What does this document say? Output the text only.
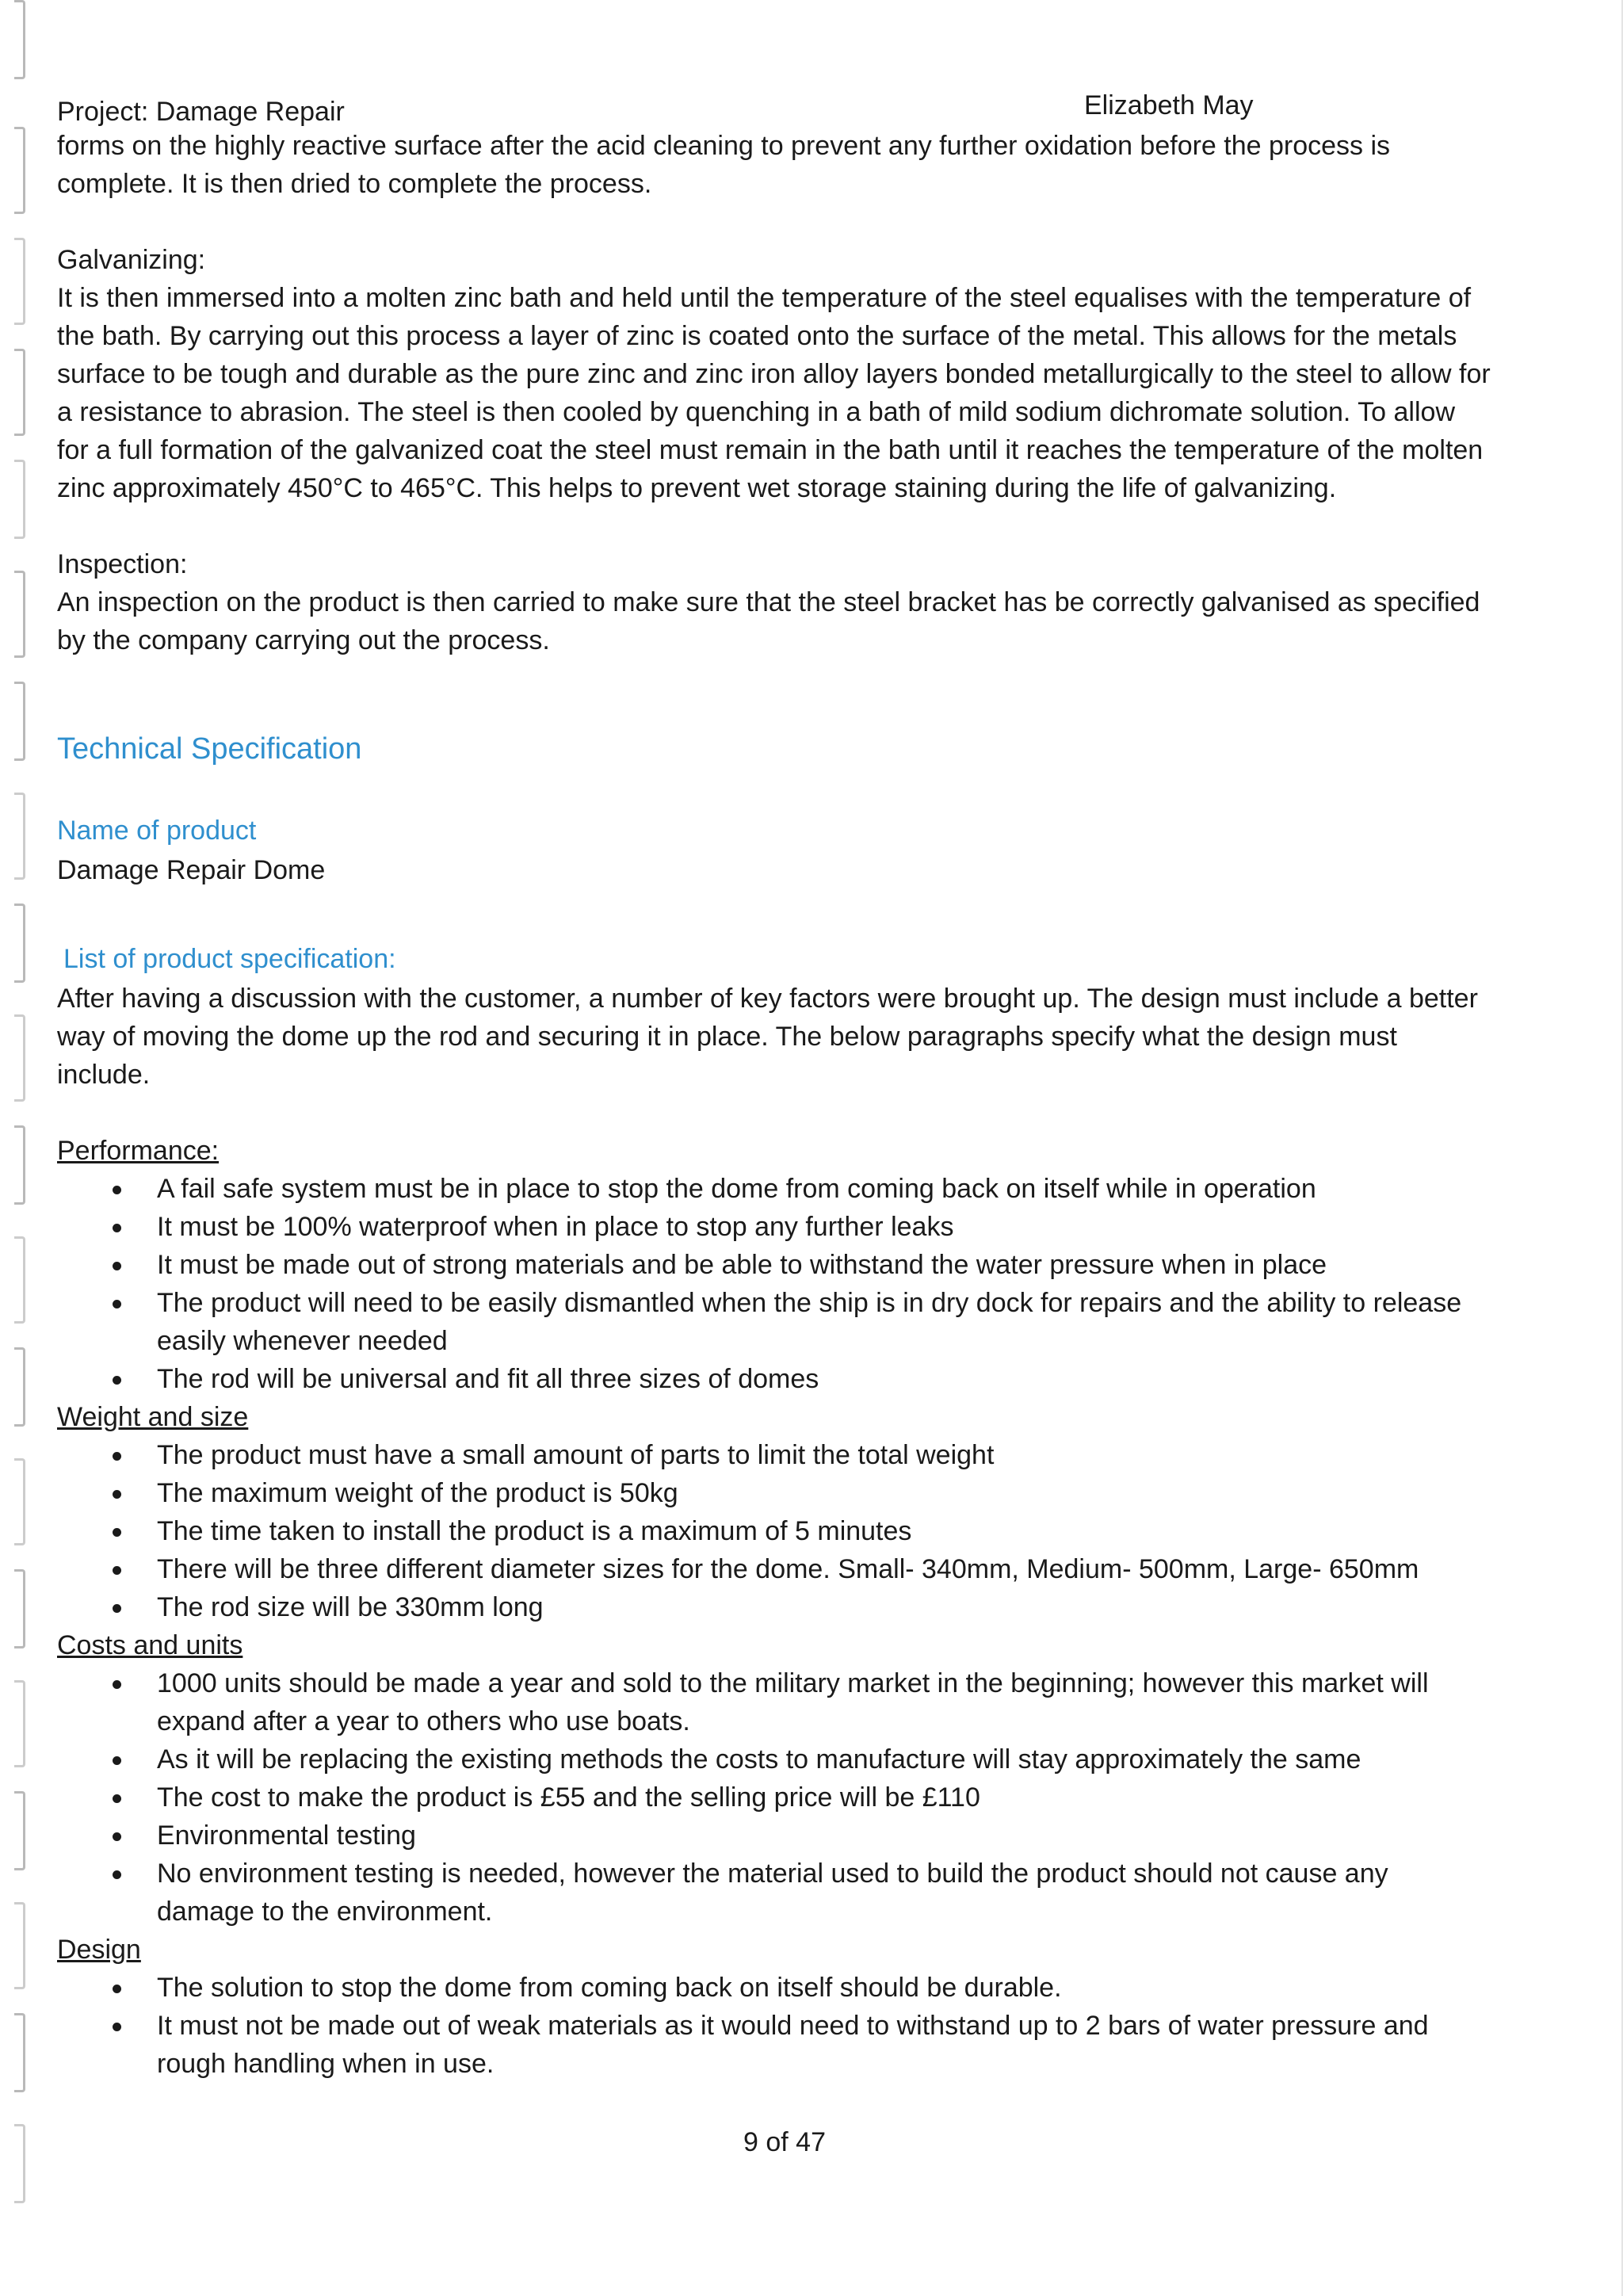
Project: Damage Repair	Elizabeth May

forms on the highly reactive surface after the acid cleaning to prevent any further oxidation before the process is complete. It is then dried to complete the process.

Galvanizing:

It is then immersed into a molten zinc bath and held until the temperature of the steel equalises with the temperature of the bath. By carrying out this process a layer of zinc is coated onto the surface of the metal. This allows for the metals surface to be tough and durable as the pure zinc and zinc iron alloy layers bonded metallurgically to the steel to allow for a resistance to abrasion. The steel is then cooled by quenching in a bath of mild sodium dichromate solution. To allow for a full formation of the galvanized coat the steel must remain in the bath until it reaches the temperature of the molten zinc approximately 450°C to 465°C. This helps to prevent wet storage staining during the life of galvanizing.

Inspection:

An inspection on the product is then carried to make sure that the steel bracket has be correctly galvanised as specified by the company carrying out the process.

Technical Specification

Name of product

Damage Repair Dome

List of product specification:

After having a discussion with the customer, a number of key factors were brought up. The design must include a better way of moving the dome up the rod and securing it in place. The below paragraphs specify what the design must include.

Performance:

A fail safe system must be in place to stop the dome from coming back on itself while in operation
It must be 100% waterproof when in place to stop any further leaks
It must be made out of strong materials and be able to withstand the water pressure when in place
The product will need to be easily dismantled when the ship is in dry dock for repairs and the ability to release easily whenever needed
The rod will be universal and fit all three sizes of domes

Weight and size

The product must have a small amount of parts to limit the total weight
The maximum weight of the product is 50kg
The time taken to install the product is a maximum of 5 minutes
There will be three different diameter sizes for the dome. Small- 340mm, Medium- 500mm, Large- 650mm
The rod size will be 330mm long

Costs and units

1000 units should be made a year and sold to the military market in the beginning; however this market will expand after a year to others who use boats.
As it will be replacing the existing methods the costs to manufacture will stay approximately the same
The cost to make the product is £55 and the selling price will be £110
Environmental testing
No environment testing is needed, however the material used to build the product should not cause any damage to the environment.

Design

The solution to stop the dome from coming back on itself should be durable.
It must not be made out of weak materials as it would need to withstand up to 2 bars of water pressure and rough handling when in use.
9 of 47
